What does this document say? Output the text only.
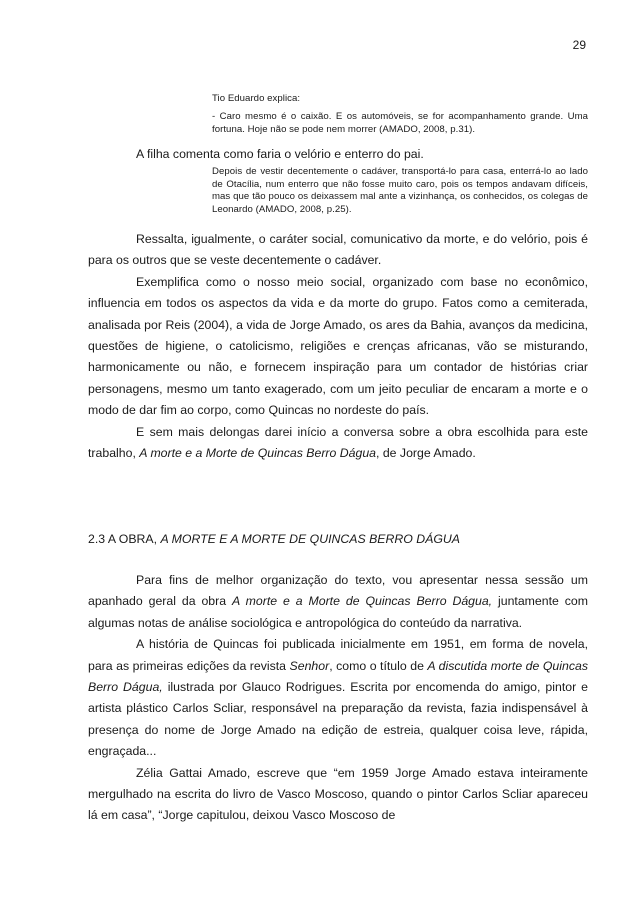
29
Tio Eduardo explica:
- Caro mesmo é o caixão. E os automóveis, se for acompanhamento grande. Uma fortuna. Hoje não se pode nem morrer (AMADO, 2008, p.31).

A filha comenta como faria o velório e enterro do pai.

Depois de vestir decentemente o cadáver, transportá-lo para casa, enterrá-lo ao lado de Otacília, num enterro que não fosse muito caro, pois os tempos andavam difíceis, mas que tão pouco os deixassem mal ante a vizinhança, os conhecidos, os colegas de Leonardo (AMADO, 2008, p.25).

Ressalta, igualmente, o caráter social, comunicativo da morte, e do velório, pois é para os outros que se veste decentemente o cadáver.

Exemplifica como o nosso meio social, organizado com base no econômico, influencia em todos os aspectos da vida e da morte do grupo. Fatos como a cemiterada, analisada por Reis (2004), a vida de Jorge Amado, os ares da Bahia, avanços da medicina, questões de higiene, o catolicismo, religiões e crenças africanas, vão se misturando, harmonicamente ou não, e fornecem inspiração para um contador de histórias criar personagens, mesmo um tanto exagerado, com um jeito peculiar de encaram a morte e o modo de dar fim ao corpo, como Quincas no nordeste do país.

E sem mais delongas darei início a conversa sobre a obra escolhida para este trabalho, A morte e a Morte de Quincas Berro Dágua, de Jorge Amado.

2.3 A OBRA, A MORTE E A MORTE DE QUINCAS BERRO DÁGUA

Para fins de melhor organização do texto, vou apresentar nessa sessão um apanhado geral da obra A morte e a Morte de Quincas Berro Dágua, juntamente com algumas notas de análise sociológica e antropológica do conteúdo da narrativa.

A história de Quincas foi publicada inicialmente em 1951, em forma de novela, para as primeiras edições da revista Senhor, como o título de A discutida morte de Quincas Berro Dágua, ilustrada por Glauco Rodrigues. Escrita por encomenda do amigo, pintor e artista plástico Carlos Scliar, responsável na preparação da revista, fazia indispensável à presença do nome de Jorge Amado na edição de estreia, qualquer coisa leve, rápida, engraçada...

Zélia Gattai Amado, escreve que “em 1959 Jorge Amado estava inteiramente mergulhado na escrita do livro de Vasco Moscoso, quando o pintor Carlos Scliar apareceu lá em casa”, “Jorge capitulou, deixou Vasco Moscoso de
